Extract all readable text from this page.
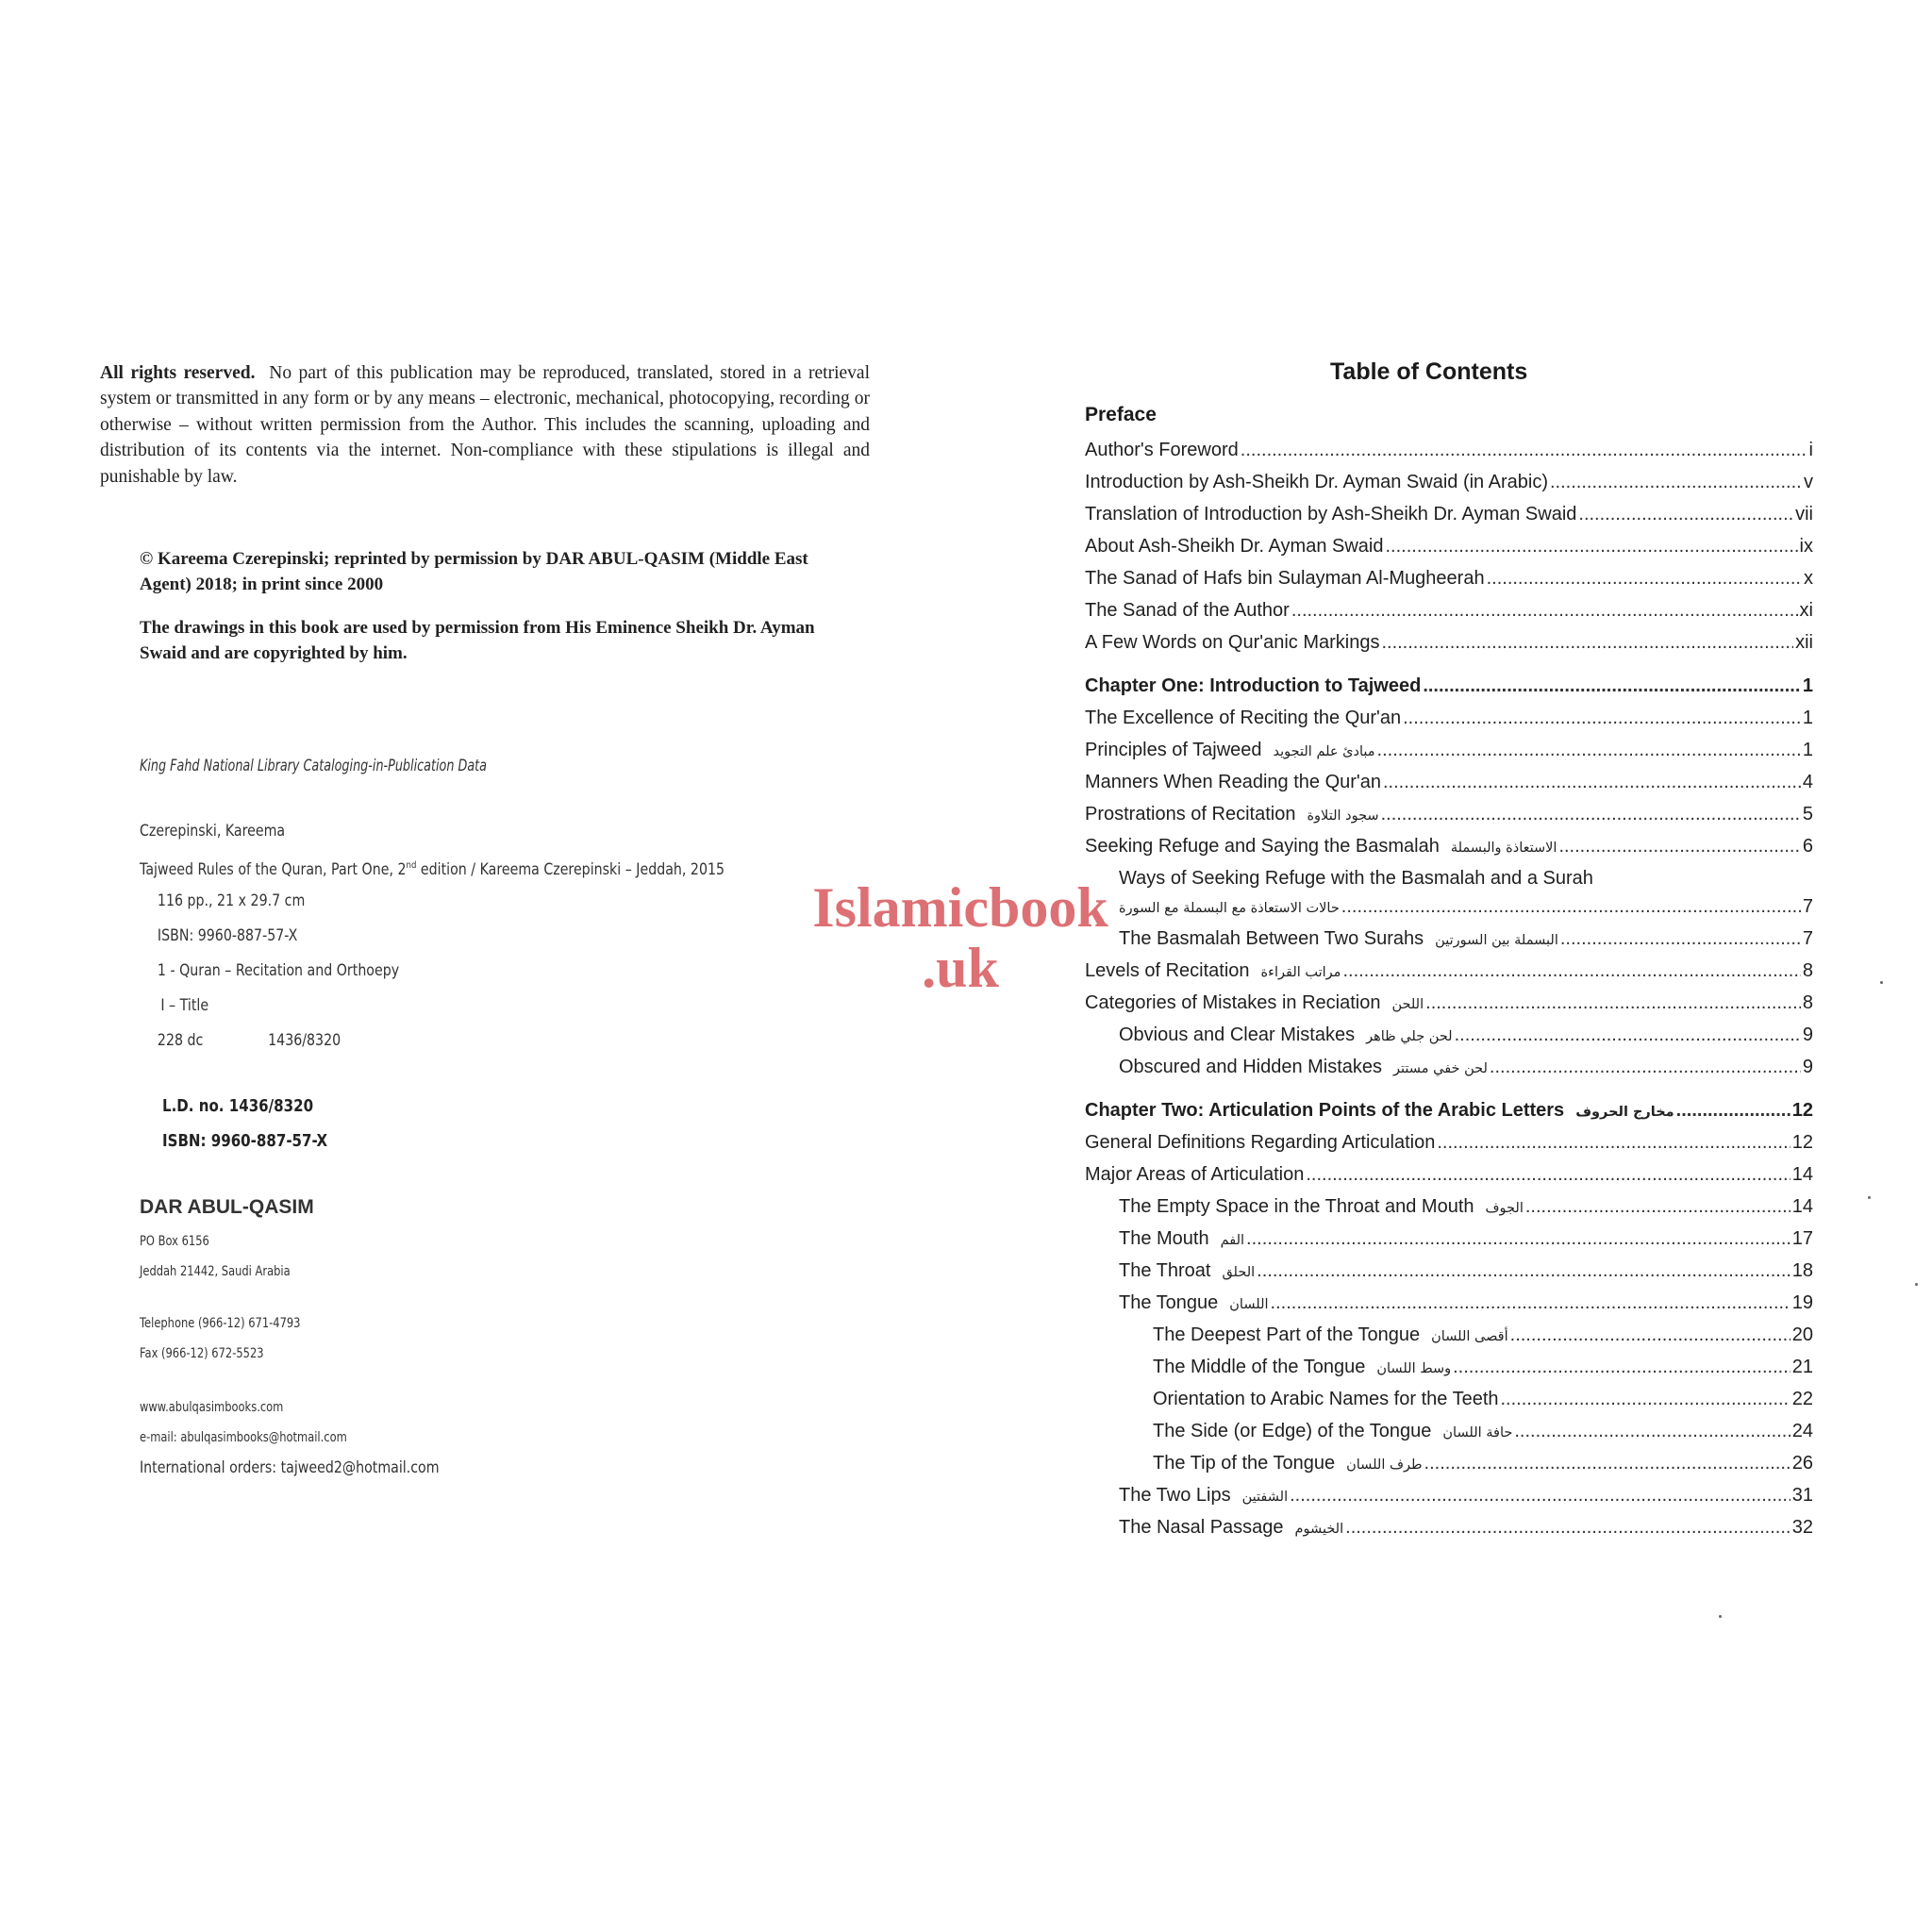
All rights reserved. No part of this publication may be reproduced, translated, stored in a retrieval system or transmitted in any form or by any means – electronic, mechanical, photocopying, recording or otherwise – without written permission from the Author. This includes the scanning, uploading and distribution of its contents via the internet. Non-compliance with these stipulations is illegal and punishable by law.

© Kareema Czerepinski; reprinted by permission by DAR ABUL-QASIM (Middle East Agent) 2018; in print since 2000

The drawings in this book are used by permission from His Eminence Sheikh Dr. Ayman Swaid and are copyrighted by him.

King Fahd National Library Cataloging-in-Publication Data

Czerepinski, Kareema
Tajweed Rules of the Quran, Part One, 2nd edition / Kareema Czerepinski – Jeddah, 2015
116 pp., 21 x 29.7 cm
ISBN: 9960-887-57-X
1 - Quran – Recitation and Orthoepy
I – Title
228 dc	1436/8320
L.D. no. 1436/8320
ISBN: 9960-887-57-X

DAR ABUL-QASIM

PO Box 6156
Jeddah 21442, Saudi Arabia
Telephone (966-12) 671-4793
Fax (966-12) 672-5523
www.abulqasimbooks.com
e-mail: abulqasimbooks@hotmail.com

International orders: tajweed2@hotmail.com

Islamicbook
.uk
Table of Contents
Preface
Author's Foreword .....	i
Introduction by Ash-Sheikh Dr. Ayman Swaid (in Arabic) .....	v
Translation of Introduction by Ash-Sheikh Dr. Ayman Swaid .....	vii
About Ash-Sheikh Dr. Ayman Swaid .....	ix
The Sanad of Hafs bin Sulayman Al-Mugheerah .....	x
The Sanad of the Author .....	xi
A Few Words on Qur'anic Markings .....	xii
Chapter One: Introduction to Tajweed .....	1
The Excellence of Reciting the Qur'an .....	1
Principles of Tajweed مبادئ علم التجويد .....	1
Manners When Reading the Qur'an .....	4
Prostrations of Recitation سجود التلاوة .....	5
Seeking Refuge and Saying the Basmalah الاستعاذة والبسملة .....	6
Ways of Seeking Refuge with the Basmalah and a Surah
حالات الاستعاذة مع البسملة مع السورة .....	7
The Basmalah Between Two Surahs البسملة بين السورتين .....	7
Levels of Recitation مراتب القراءة .....	8
Categories of Mistakes in Reciation اللحن .....	8
Obvious and Clear Mistakes لحن جلي ظاهر .....	9
Obscured and Hidden Mistakes لحن خفي مستتر .....	9
Chapter Two: Articulation Points of the Arabic Letters مخارج الحروف .....	12
General Definitions Regarding Articulation .....	12
Major Areas of Articulation .....	14
The Empty Space in the Throat and Mouth الجوف .....	14
The Mouth الفم .....	17
The Throat الحلق .....	18
The Tongue اللسان .....	19
The Deepest Part of the Tongue أقصى اللسان .....	20
The Middle of the Tongue وسط اللسان .....	21
Orientation to Arabic Names for the Teeth .....	22
The Side (or Edge) of the Tongue حافة اللسان .....	24
The Tip of the Tongue طرف اللسان .....	26
The Two Lips الشفتين .....	31
The Nasal Passage الخيشوم .....	32
